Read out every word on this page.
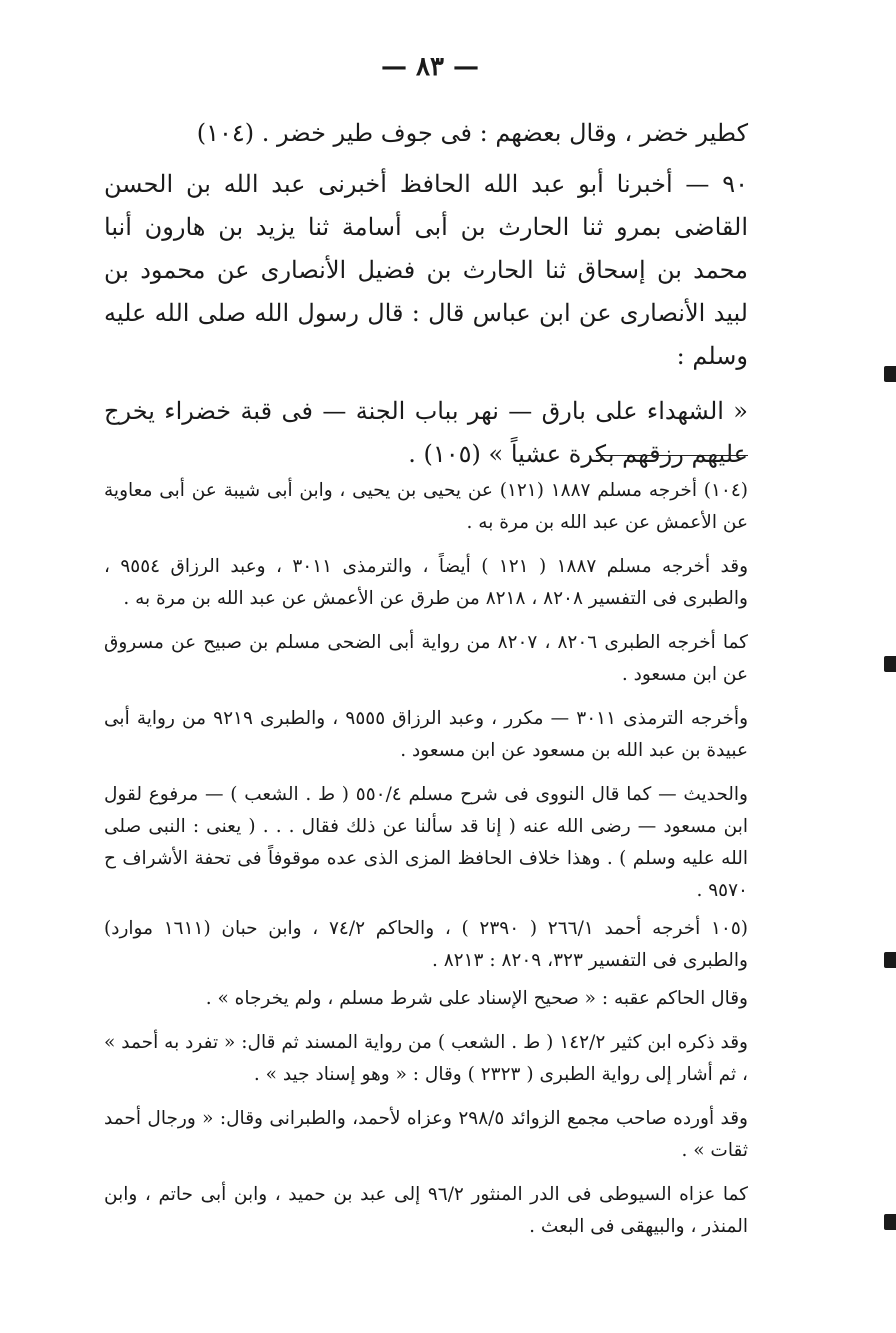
— ٨٣ —

كطير خضر ، وقال بعضهم : فى جوف طير خضر . (١٠٤)

٩٠ — أخبرنا أبو عبد الله الحافظ أخبرنى عبد الله بن الحسن القاضى بمرو ثنا الحارث بن أبى أسامة ثنا يزيد بن هارون أنبا محمد بن إسحاق ثنا الحارث بن فضيل الأنصارى عن محمود بن لبيد الأنصارى عن ابن عباس قال : قال رسول الله صلى الله عليه وسلم :

« الشهداء على بارق — نهر بباب الجنة — فى قبة خضراء يخرج عليهم رزقهم بكرة عشياً » (١٠٥) .

(١٠٤) أخرجه مسلم ١٨٨٧ (١٢١) عن يحيى بن يحيى ، وابن أبى شيبة عن أبى معاوية عن الأعمش عن عبد الله بن مرة به .

وقد أخرجه مسلم ١٨٨٧ ( ١٢١ ) أيضاً ، والترمذى ٣٠١١ ، وعبد الرزاق ٩٥٥٤ ، والطبرى فى التفسير ٨٢٠٨ ، ٨٢١٨ من طرق عن الأعمش عن عبد الله بن مرة به .

كما أخرجه الطبرى ٨٢٠٦ ، ٨٢٠٧ من رواية أبى الضحى مسلم بن صبيح عن مسروق عن ابن مسعود .

وأخرجه الترمذى ٣٠١١ — مكرر ، وعبد الرزاق ٩٥٥٥ ، والطبرى ٩٢١٩ من رواية أبى عبيدة بن عبد الله بن مسعود عن ابن مسعود .

والحديث — كما قال النووى فى شرح مسلم ٥٥٠/٤ ( ط . الشعب ) — مرفوع لقول ابن مسعود — رضى الله عنه ( إنا قد سألنا عن ذلك فقال . . . ( يعنى : النبى صلى الله عليه وسلم ) . وهذا خلاف الحافظ المزى الذى عده موقوفاً فى تحفة الأشراف ح ٩٥٧٠ .

(١٠٥ أخرجه أحمد ٢٦٦/١ ( ٢٣٩٠ ) ، والحاكم ٧٤/٢ ، وابن حبان (١٦١١ موارد) والطبرى فى التفسير ٣٢٣، ٨٢٠٩ : ٨٢١٣ .

وقال الحاكم عقبه : « صحيح الإسناد على شرط مسلم ، ولم يخرجاه » .

وقد ذكره ابن كثير ١٤٢/٢ ( ط . الشعب ) من رواية المسند ثم قال: « تفرد به أحمد » ، ثم أشار إلى رواية الطبرى ( ٢٣٢٣ ) وقال : « وهو إسناد جيد » .

وقد أورده صاحب مجمع الزوائد ٢٩٨/٥ وعزاه لأحمد، والطبرانى وقال: « ورجال أحمد ثقات » .

كما عزاه السيوطى فى الدر المنثور ٩٦/٢ إلى عبد بن حميد ، وابن أبى حاتم ، وابن المنذر ، والبيهقى فى البعث .
